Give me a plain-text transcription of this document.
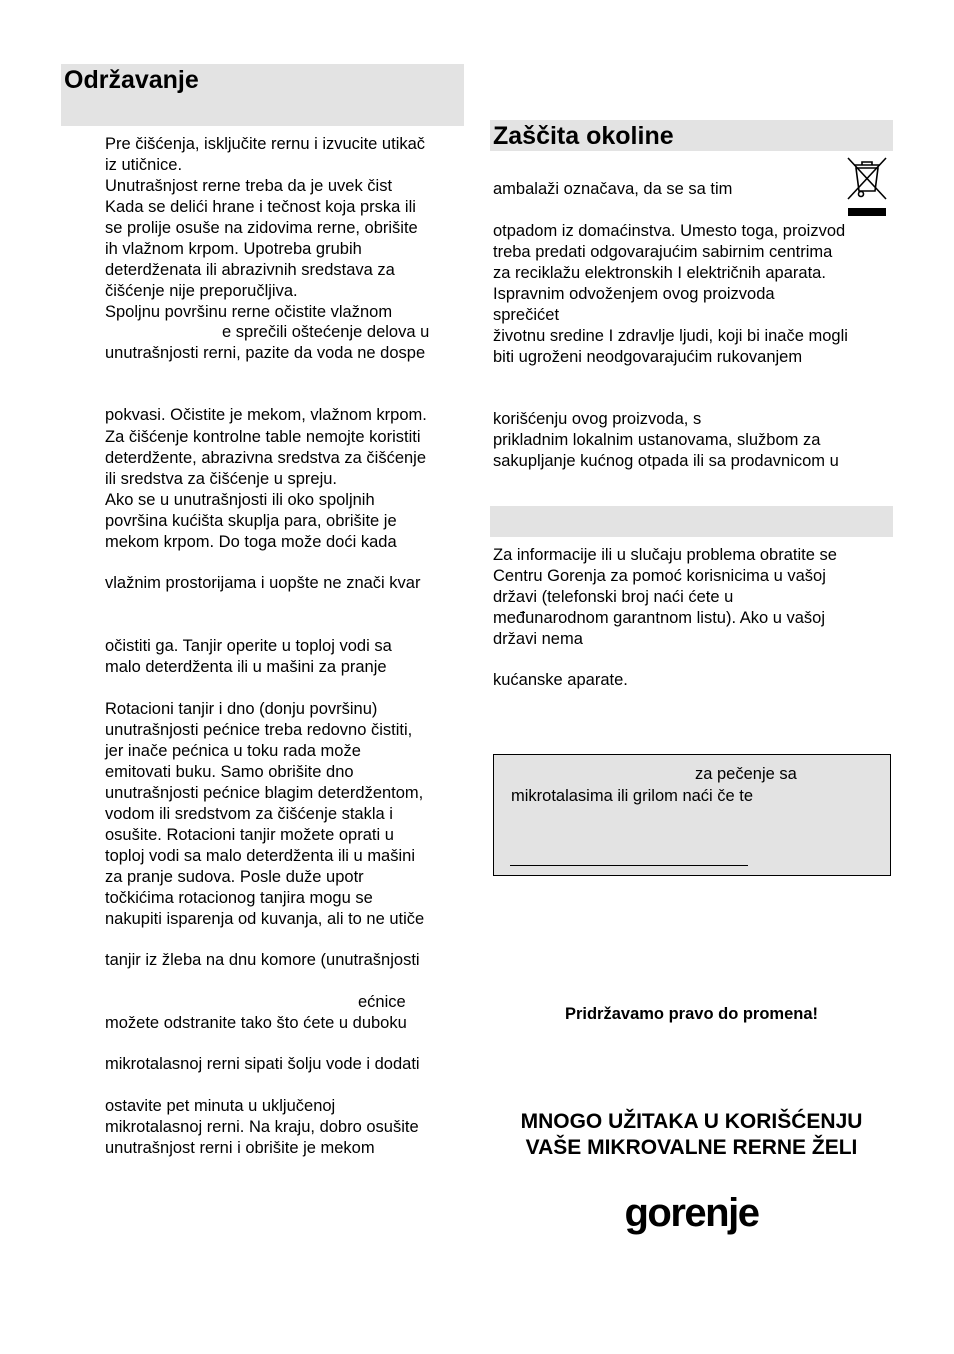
Održavanje
Pre čišćenja, isključite rernu i izvucite utikač
iz utičnice.
Unutrašnjost rerne treba da je uvek čist
Kada se delići hrane i tečnost koja prska ili
se prolije osuše na zidovima rerne, obrišite
ih vlažnom krpom. Upotreba grubih
deterdženata ili abrazivnih sredstava za
čišćenje nije preporučljiva.
Spoljnu površinu rerne očistite vlažnom
e sprečili oštećenje delova u
unutrašnjosti rerni, pazite da voda ne dospe
pokvasi. Očistite je mekom, vlažnom krpom.
Za čišćenje kontrolne table nemojte koristiti
deterdžente, abrazivna sredstva za čišćenje
ili sredstva za čišćenje u spreju.
Ako se u unutrašnjosti ili oko spoljnih
površina kućišta skuplja para, obrišite je
mekom krpom. Do toga može doći kada
vlažnim prostorijama i uopšte ne znači kvar
očistiti ga. Tanjir operite u toploj vodi sa
malo deterdženta ili u mašini za pranje
Rotacioni tanjir i dno (donju površinu)
unutrašnjosti pećnice treba redovno čistiti,
jer inače pećnica u toku rada može
emitovati buku. Samo obrišite dno
unutrašnjosti pećnice blagim deterdžentom,
vodom ili sredstvom za čišćenje stakla i
osušite. Rotacioni tanjir možete oprati u
toploj vodi sa malo deterdženta ili u mašini
za pranje sudova. Posle duže upotr
točkićima rotacionog tanjira mogu se
nakupiti isparenja od kuvanja, ali to ne utiče
tanjir iz žleba na dnu komore (unutrašnjosti
ećnice
možete odstranite tako što ćete u duboku
mikrotalasnoj rerni sipati šolju vode i dodati
ostavite pet minuta u uključenoj
mikrotalasnoj rerni. Na kraju, dobro osušite
unutrašnjost rerni i obrišite je mekom
Zaščita okoline
ambalaži označava, da se sa tim
otpadom iz domaćinstva. Umesto toga, proizvod
treba predati odgovarajućim sabirnim centrima
za reciklažu elektronskih I električnih aparata.
Ispravnim odvoženjem ovog proizvoda
sprečićet
životnu sredine I zdravlje ljudi, koji bi inače mogli
biti ugroženi neodgovarajućim rukovanjem
korišćenju ovog proizvoda, s
prikladnim lokalnim ustanovama, službom za
sakupljanje kućnog otpada ili sa prodavnicom u
Za informacije ili u slučaju problema obratite se
Centru Gorenja za pomoć korisnicima u vašoj
državi (telefonski broj naći ćete u
međunarodnom garantnom listu). Ako u vašoj
državi nema
kućanske aparate.
za pečenje sa
mikrotalasima ili grilom naći če te
Pridržavamo pravo do promena!
MNOGO UŽITAKA U KORIŠĆENJU
VAŠE MIKROVALNE RERNE ŽELI
gorenje
